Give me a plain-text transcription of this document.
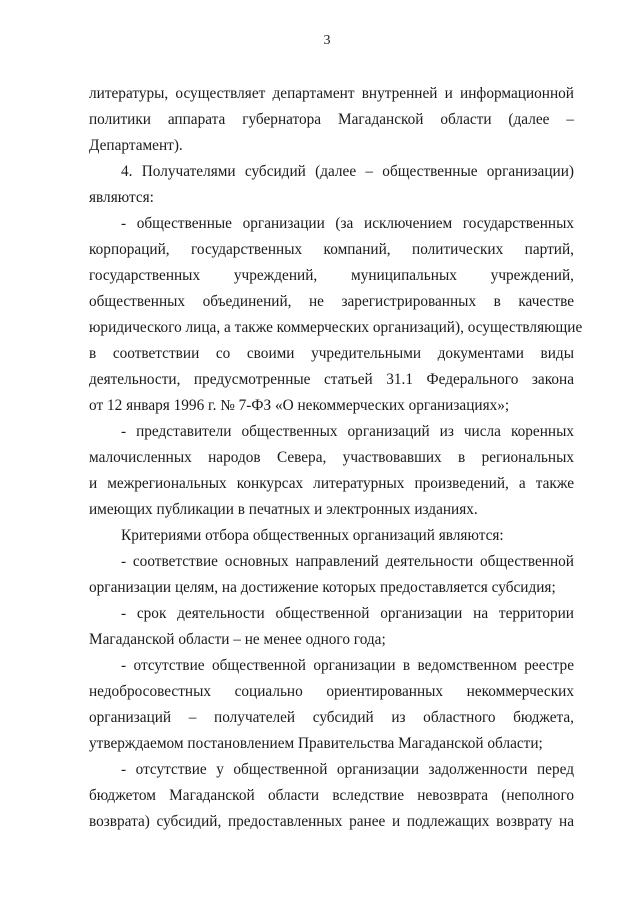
3
литературы, осуществляет департамент внутренней и информационной
политики аппарата губернатора Магаданской области (далее –
Департамент).
4. Получателями субсидий (далее – общественные организации)
являются:
- общественные организации (за исключением государственных
корпораций, государственных компаний, политических партий,
государственных учреждений, муниципальных учреждений,
общественных объединений, не зарегистрированных в качестве
юридического лица, а также коммерческих организаций), осуществляющие
в соответствии со своими учредительными документами виды
деятельности, предусмотренные статьей 31.1 Федерального закона
от 12 января 1996 г. № 7-ФЗ «О некоммерческих организациях»;
- представители общественных организаций из числа коренных
малочисленных народов Севера, участвовавших в региональных
и межрегиональных конкурсах литературных произведений, а также
имеющих публикации в печатных и электронных изданиях.
Критериями отбора общественных организаций являются:
- соответствие основных направлений деятельности общественной
организации целям, на достижение которых предоставляется субсидия;
- срок деятельности общественной организации на территории
Магаданской области – не менее одного года;
- отсутствие общественной организации в ведомственном реестре
недобросовестных социально ориентированных некоммерческих
организаций – получателей субсидий из областного бюджета,
утверждаемом постановлением Правительства Магаданской области;
- отсутствие у общественной организации задолженности перед
бюджетом Магаданской области вследствие невозврата (неполного
возврата) субсидий, предоставленных ранее и подлежащих возврату на
